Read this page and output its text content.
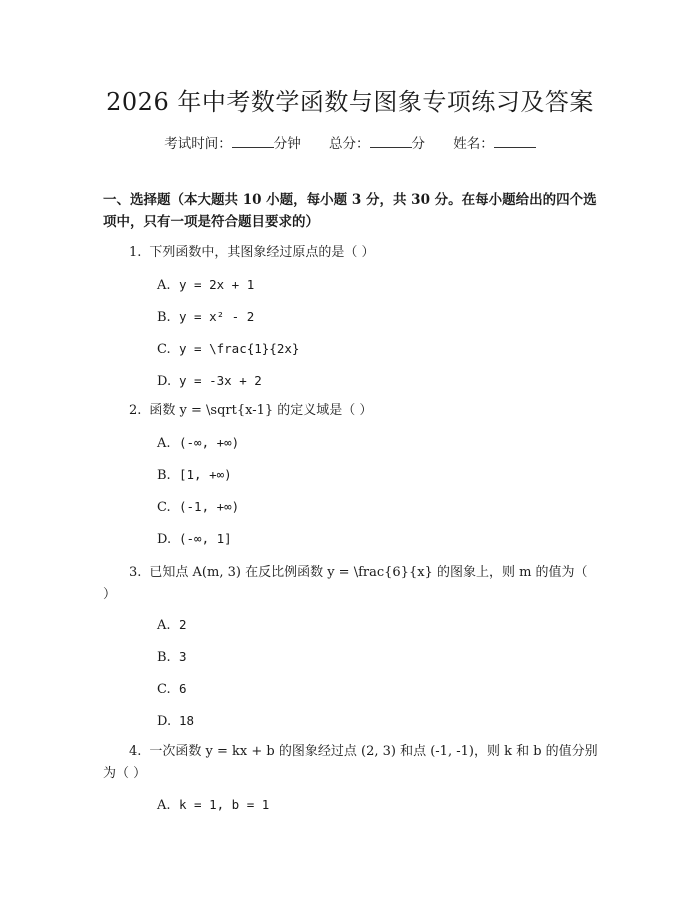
2026 年中考数学函数与图象专项练习及答案
考试时间：	分钟 总分：	分 姓名：
一、选择题（本大题共 10 小题，每小题 3 分，共 30 分。在每小题给出的四个选项中，只有一项是符合题目要求的）
1. 下列函数中，其图象经过原点的是（ ）
A. y = 2x + 1
B. y = x² - 2
C. y = \frac{1}{2x}
D. y = -3x + 2
2. 函数 y = \sqrt{x-1} 的定义域是（ ）
A. (-∞, +∞)
B. [1, +∞)
C. (-1, +∞)
D. (-∞, 1]
3. 已知点 A(m, 3) 在反比例函数 y = \frac{6}{x} 的图象上，则 m 的值为（ ）
A. 2
B. 3
C. 6
D. 18
4. 一次函数 y = kx + b 的图象经过点 (2, 3) 和点 (-1, -1)，则 k 和 b 的值分别为（ ）
A. k = 1, b = 1
